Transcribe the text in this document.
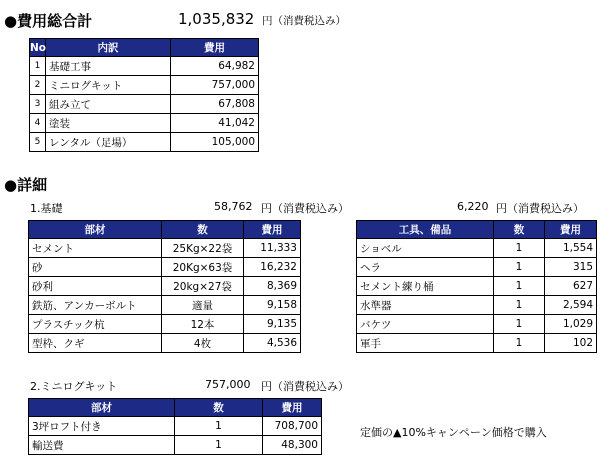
●費用総合計	1,035,832 円（消費税込み）
No	内訳	費用
1	基礎工事	64,982
2	ミニログキット	757,000
3	組み立て	67,808
4	塗装	41,042
5	レンタル（足場）	105,000
●詳細
1.基礎	58,762 円（消費税込み）	6,220 円（消費税込み）
部材	数	費用
セメント	25Kg×22袋	11,333
砂	20Kg×63袋	16,232
砂利	20kg×27袋	8,369
鉄筋、アンカーボルト	適量	9,158
プラスチック杭	12本	9,135
型枠、クギ	4枚	4,536
工具、備品	数	費用
ショベル	1	1,554
ヘラ	1	315
セメント練り桶	1	627
水準器	1	2,594
バケツ	1	1,029
軍手	1	102
2.ミニログキット	757,000 円（消費税込み）
部材	数	費用
3坪ロフト付き	1	708,700
輸送費	1	48,300
定価の▲10%キャンペーン価格で購入
